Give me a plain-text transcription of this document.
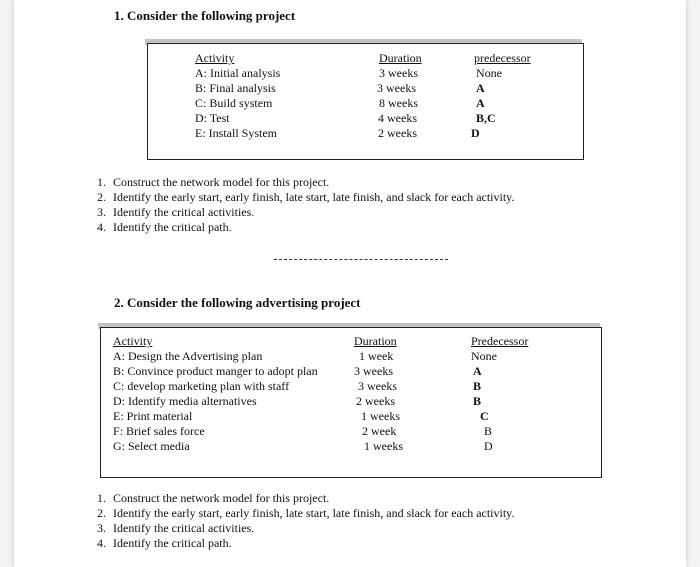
1. Consider the following project
Activity	Duration	predecessor
A: Initial analysis	3 weeks	None
B: Final analysis	3 weeks	A
C: Build system	8 weeks	A
D: Test	4 weeks	B,C
E: Install System	2 weeks	D
1. Construct the network model for this project.
2. Identify the early start, early finish, late start, late finish, and slack for each activity.
3. Identify the critical activities.
4. Identify the critical path.
2. Consider the following advertising project
Activity	Duration	Predecessor
A: Design the Advertising plan	1 week	None
B: Convince product manger to adopt plan	3 weeks	A
C: develop marketing plan with staff	3 weeks	B
D: Identify media alternatives	2 weeks	B
E: Print material	1 weeks	C
F: Brief sales force	2 week	B
G: Select media	1 weeks	D
1. Construct the network model for this project.
2. Identify the early start, early finish, late start, late finish, and slack for each activity.
3. Identify the critical activities.
4. Identify the critical path.
